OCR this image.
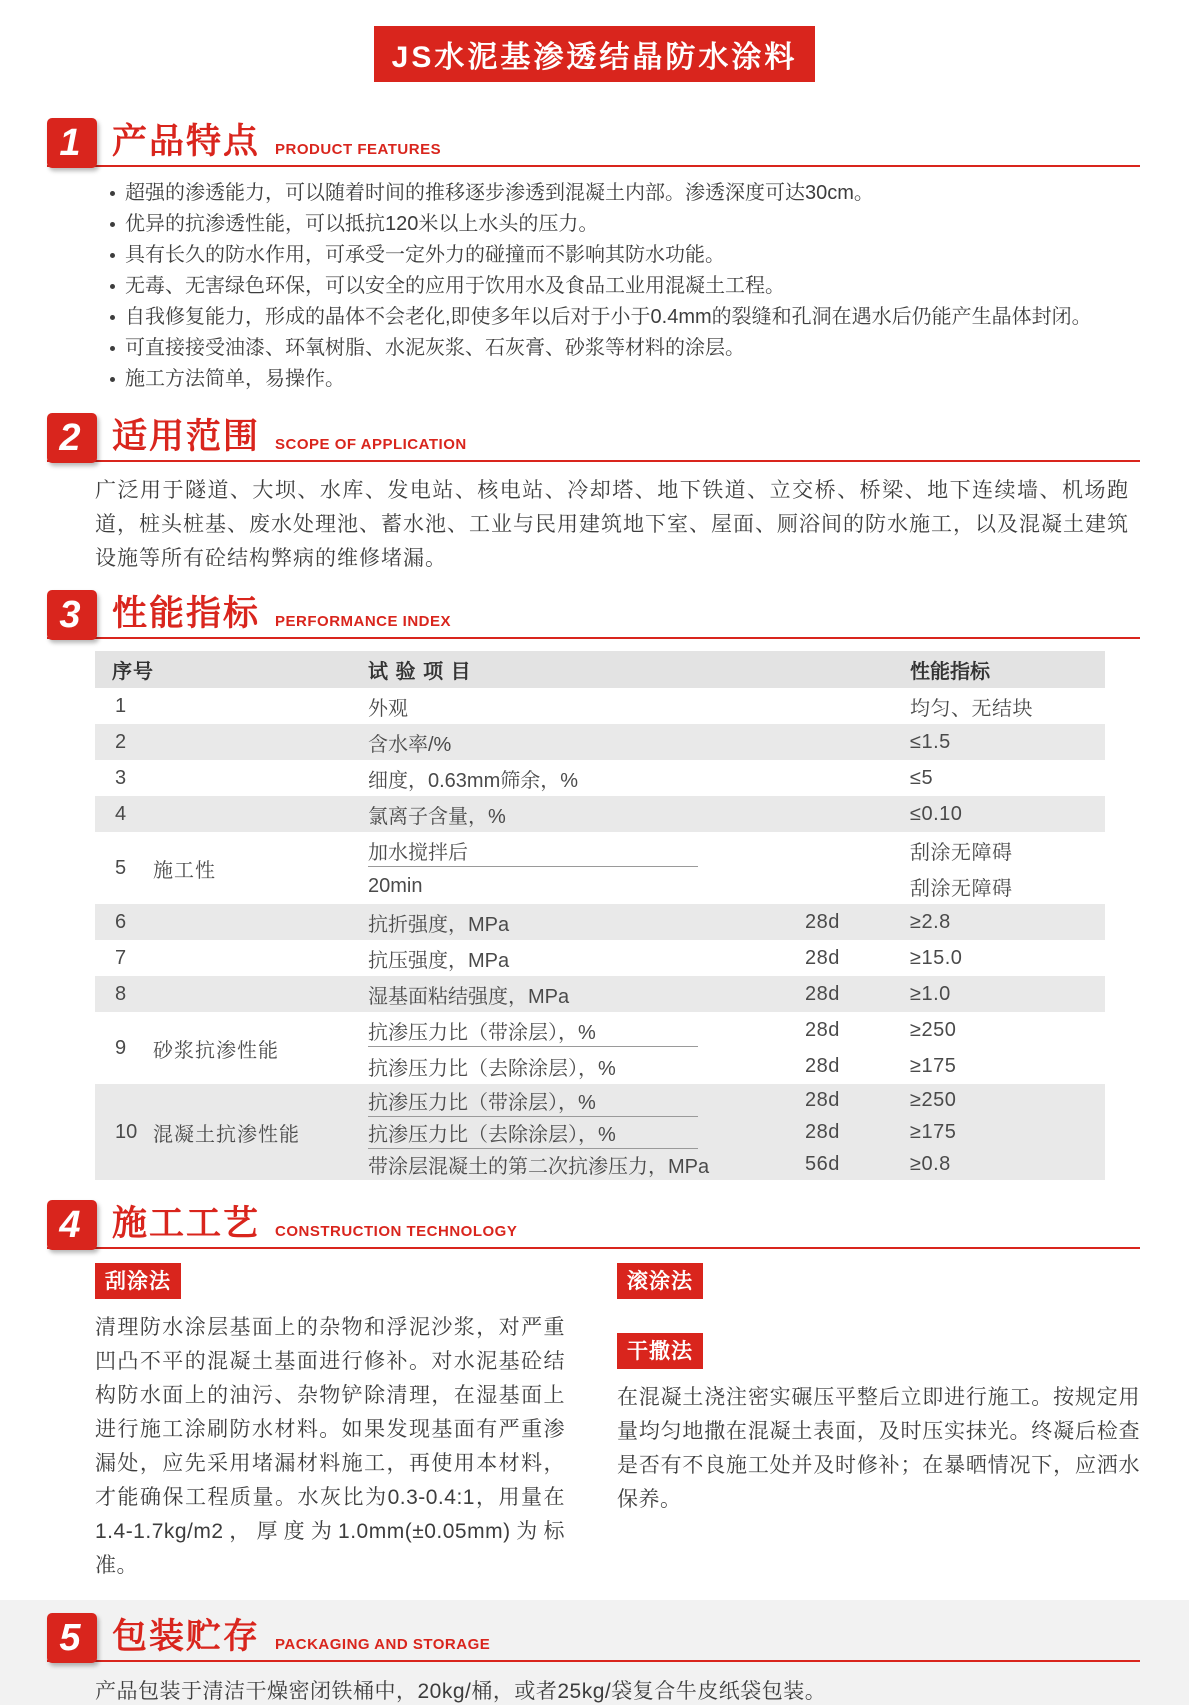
JS水泥基渗透结晶防水涂料
1 产品特点 PRODUCT FEATURES
超强的渗透能力，可以随着时间的推移逐步渗透到混凝土内部。渗透深度可达30cm。
优异的抗渗透性能，可以抵抗120米以上水头的压力。
具有长久的防水作用，可承受一定外力的碰撞而不影响其防水功能。
无毒、无害绿色环保，可以安全的应用于饮用水及食品工业用混凝土工程。
自我修复能力，形成的晶体不会老化,即使多年以后对于小于0.4mm的裂缝和孔洞在遇水后仍能产生晶体封闭。
可直接接受油漆、环氧树脂、水泥灰浆、石灰膏、砂浆等材料的涂层。
施工方法简单，易操作。
2 适用范围 SCOPE OF APPLICATION

广泛用于隧道、大坝、水库、发电站、核电站、冷却塔、地下铁道、立交桥、桥梁、地下连续墙、机场跑道，桩头桩基、废水处理池、蓄水池、工业与民用建筑地下室、屋面、厕浴间的防水施工，以及混凝土建筑设施等所有砼结构弊病的维修堵漏。

3 性能指标 PERFORMANCE INDEX
序号	试 验 项 目	性能指标
1	外观	均匀、无结块
2	含水率/%	≤1.5
3	细度，0.63mm筛余，%	≤5
4	氯离子含量，%	≤0.10
5	施工性
加水搅拌后	刮涂无障碍
20min	刮涂无障碍
6	抗折强度，MPa	28d	≥2.8
7	抗压强度，MPa	28d	≥15.0
8	湿基面粘结强度，MPa	28d	≥1.0
9	砂浆抗渗性能
抗渗压力比（带涂层），%	28d	≥250
抗渗压力比（去除涂层），%	28d	≥175
10 混凝土抗渗性能
抗渗压力比（带涂层），%	28d	≥250
抗渗压力比（去除涂层），%	28d	≥175
带涂层混凝土的第二次抗渗压力，MPa	56d	≥0.8
4 施工工艺 CONSTRUCTION TECHNOLOGY
刮涂法
清理防水涂层基面上的杂物和浮泥沙浆，对严重凹凸不平的混凝土基面进行修补。对水泥基砼结构防水面上的油污、杂物铲除清理，在湿基面上进行施工涂刷防水材料。如果发现基面有严重渗漏处，应先采用堵漏材料施工，再使用本材料，才能确保工程质量。水灰比为0.3-0.4:1，用量在1.4-1.7kg/m2，厚度为1.0mm(±0.05mm)为标准。
滚涂法
干撒法
在混凝土浇注密实碾压平整后立即进行施工。按规定用量均匀地撒在混凝土表面，及时压实抹光。终凝后检查是否有不良施工处并及时修补；在暴晒情况下，应洒水保养。
5 包装贮存 PACKAGING AND STORAGE

产品包装于清洁干燥密闭铁桶中，20kg/桶，或者25kg/袋复合牛皮纸袋包装。
